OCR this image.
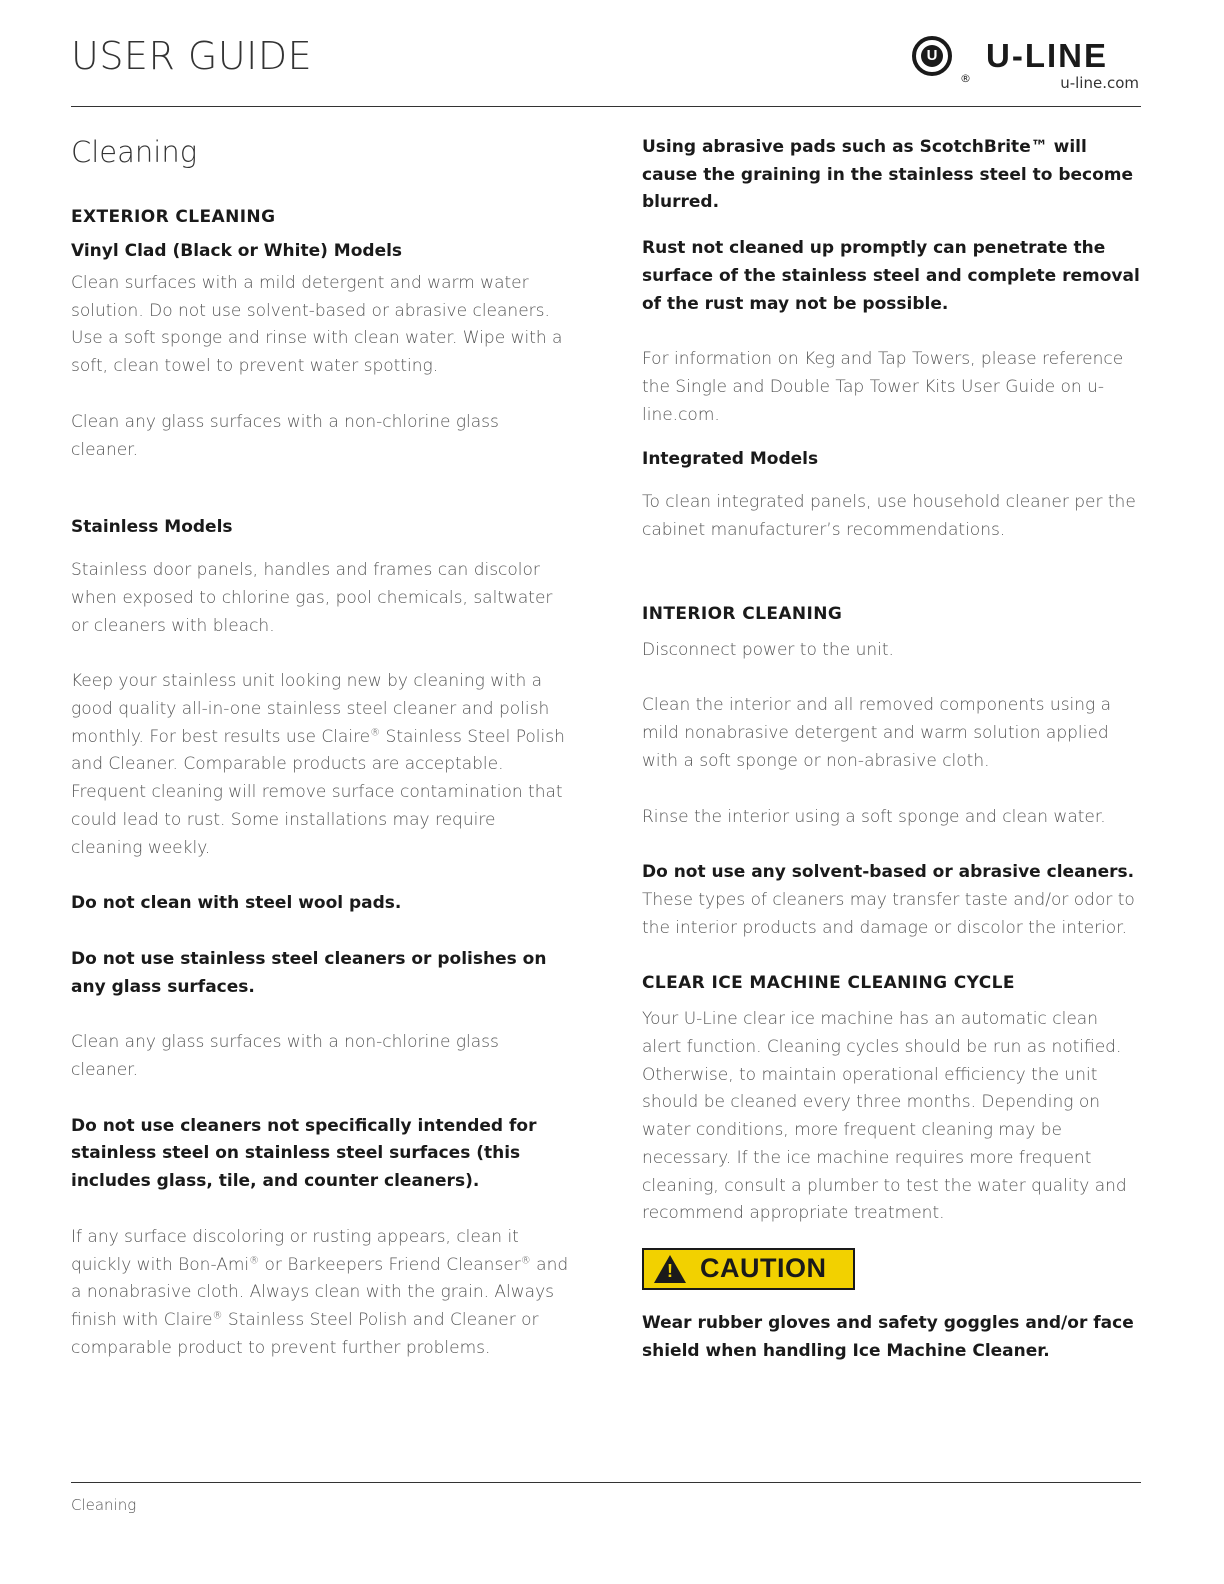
USER GUIDE	U
®
U-LINE
u-line.com
Cleaning
EXTERIOR CLEANING
Vinyl Clad (Black or White) Models

Clean surfaces with a mild detergent and warm water solution. Do not use solvent-based or abrasive cleaners. Use a soft sponge and rinse with clean water. Wipe with a soft, clean towel to prevent water spotting.

Clean any glass surfaces with a non-chlorine glass cleaner.

Stainless Models

Stainless door panels, handles and frames can discolor when exposed to chlorine gas, pool chemicals, saltwater or cleaners with bleach.

Keep your stainless unit looking new by cleaning with a good quality all-in-one stainless steel cleaner and polish monthly. For best results use Claire® Stainless Steel Polish and Cleaner. Comparable products are acceptable. Frequent cleaning will remove surface contamination that could lead to rust. Some installations may require cleaning weekly.

Do not clean with steel wool pads.

Do not use stainless steel cleaners or polishes on any glass surfaces.

Clean any glass surfaces with a non-chlorine glass cleaner.

Do not use cleaners not specifically intended for stainless steel on stainless steel surfaces (this includes glass, tile, and counter cleaners).

If any surface discoloring or rusting appears, clean it quickly with Bon-Ami® or Barkeepers Friend Cleanser® and a nonabrasive cloth. Always clean with the grain. Always finish with Claire® Stainless Steel Polish and Cleaner or comparable product to prevent further problems.

Using abrasive pads such as ScotchBrite™ will cause the graining in the stainless steel to become blurred.

Rust not cleaned up promptly can penetrate the surface of the stainless steel and complete removal of the rust may not be possible.

For information on Keg and Tap Towers, please reference the Single and Double Tap Tower Kits User Guide on u-line.com.

Integrated Models

To clean integrated panels, use household cleaner per the cabinet manufacturer’s recommendations.

INTERIOR CLEANING

Disconnect power to the unit.

Clean the interior and all removed components using a mild nonabrasive detergent and warm solution applied with a soft sponge or non-abrasive cloth.

Rinse the interior using a soft sponge and clean water.

Do not use any solvent-based or abrasive cleaners. These types of cleaners may transfer taste and/or odor to the interior products and damage or discolor the interior.

CLEAR ICE MACHINE CLEANING CYCLE

Your U-Line clear ice machine has an automatic clean alert function. Cleaning cycles should be run as notified. Otherwise, to maintain operational efficiency the unit should be cleaned every three months. Depending on water conditions, more frequent cleaning may be necessary. If the ice machine requires more frequent cleaning, consult a plumber to test the water quality and recommend appropriate treatment.

! CAUTION

Wear rubber gloves and safety goggles and/or face shield when handling Ice Machine Cleaner.

Cleaning
